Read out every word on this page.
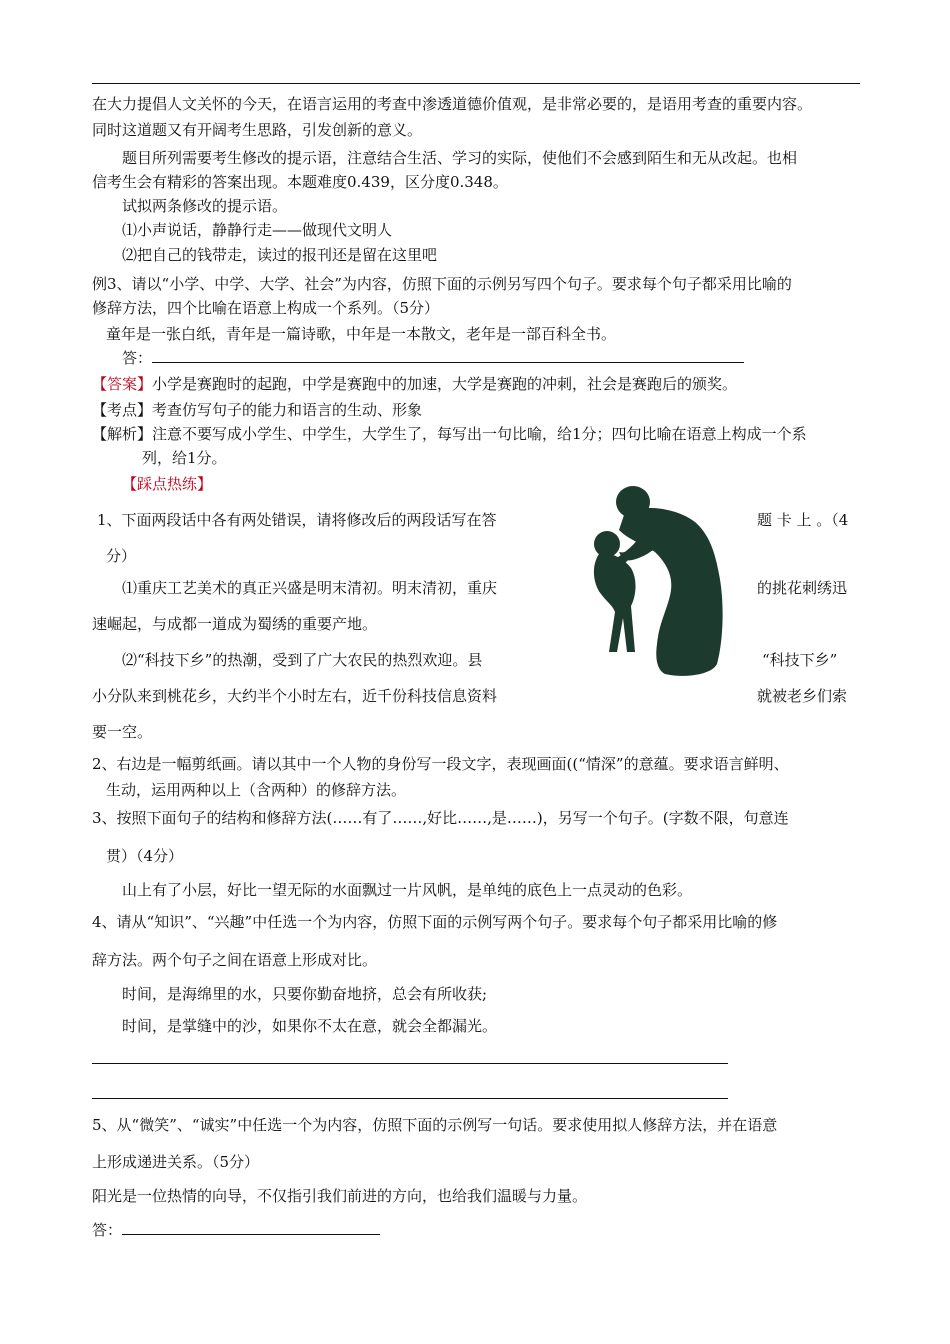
在大力提倡人文关怀的今天，在语言运用的考查中渗透道德价值观，是非常必要的，是语用考查的重要内容。
同时这道题又有开阔考生思路，引发创新的意义。
题目所列需要考生修改的提示语，注意结合生活、学习的实际，使他们不会感到陌生和无从改起。也相
信考生会有精彩的答案出现。本题难度0.439，区分度0.348。
试拟两条修改的提示语。
⑴小声说话，静静行走——做现代文明人
⑵把自己的钱带走，读过的报刊还是留在这里吧
例3、请以“小学、中学、大学、社会”为内容，仿照下面的示例另写四个句子。要求每个句子都采用比喻的
修辞方法，四个比喻在语意上构成一个系列。（5分）
童年是一张白纸，青年是一篇诗歌，中年是一本散文，老年是一部百科全书。
答：
【答案】小学是赛跑时的起跑，中学是赛跑中的加速，大学是赛跑的冲刺，社会是赛跑后的颁奖。
【考点】考查仿写句子的能力和语言的生动、形象
【解析】注意不要写成小学生、中学生，大学生了，每写出一句比喻，给1分；四句比喻在语意上构成一个系
列，给1分。
【踩点热练】
1、下面两段话中各有两处错误，请将修改后的两段话写在答	题 卡 上 。（4
分）
⑴重庆工艺美术的真正兴盛是明末清初。明末清初，重庆	的挑花刺绣迅
速崛起，与成都一道成为蜀绣的重要产地。
⑵“科技下乡”的热潮，受到了广大农民的热烈欢迎。县	“科技下乡”
小分队来到桃花乡，大约半个小时左右，近千份科技信息资料	就被老乡们索
要一空。
2、右边是一幅剪纸画。请以其中一个人物的身份写一段文字，表现画面((“情深”的意蕴。要求语言鲜明、
生动，运用两种以上（含两种）的修辞方法。
3、按照下面句子的结构和修辞方法(……有了……,好比……,是……)，另写一个句子。(字数不限，句意连
贯）（4分）
山上有了小层，好比一望无际的水面飘过一片风帆，是单纯的底色上一点灵动的色彩。
4、请从“知识”、“兴趣”中任选一个为内容，仿照下面的示例写两个句子。要求每个句子都采用比喻的修
辞方法。两个句子之间在语意上形成对比。
时间，是海绵里的水，只要你勤奋地挤，总会有所收获;
时间，是掌缝中的沙，如果你不太在意，就会全都漏光。
5、从“微笑”、“诚实”中任选一个为内容，仿照下面的示例写一句话。要求使用拟人修辞方法，并在语意
上形成递进关系。（5分）
阳光是一位热情的向导，不仅指引我们前进的方向，也给我们温暖与力量。
答：
